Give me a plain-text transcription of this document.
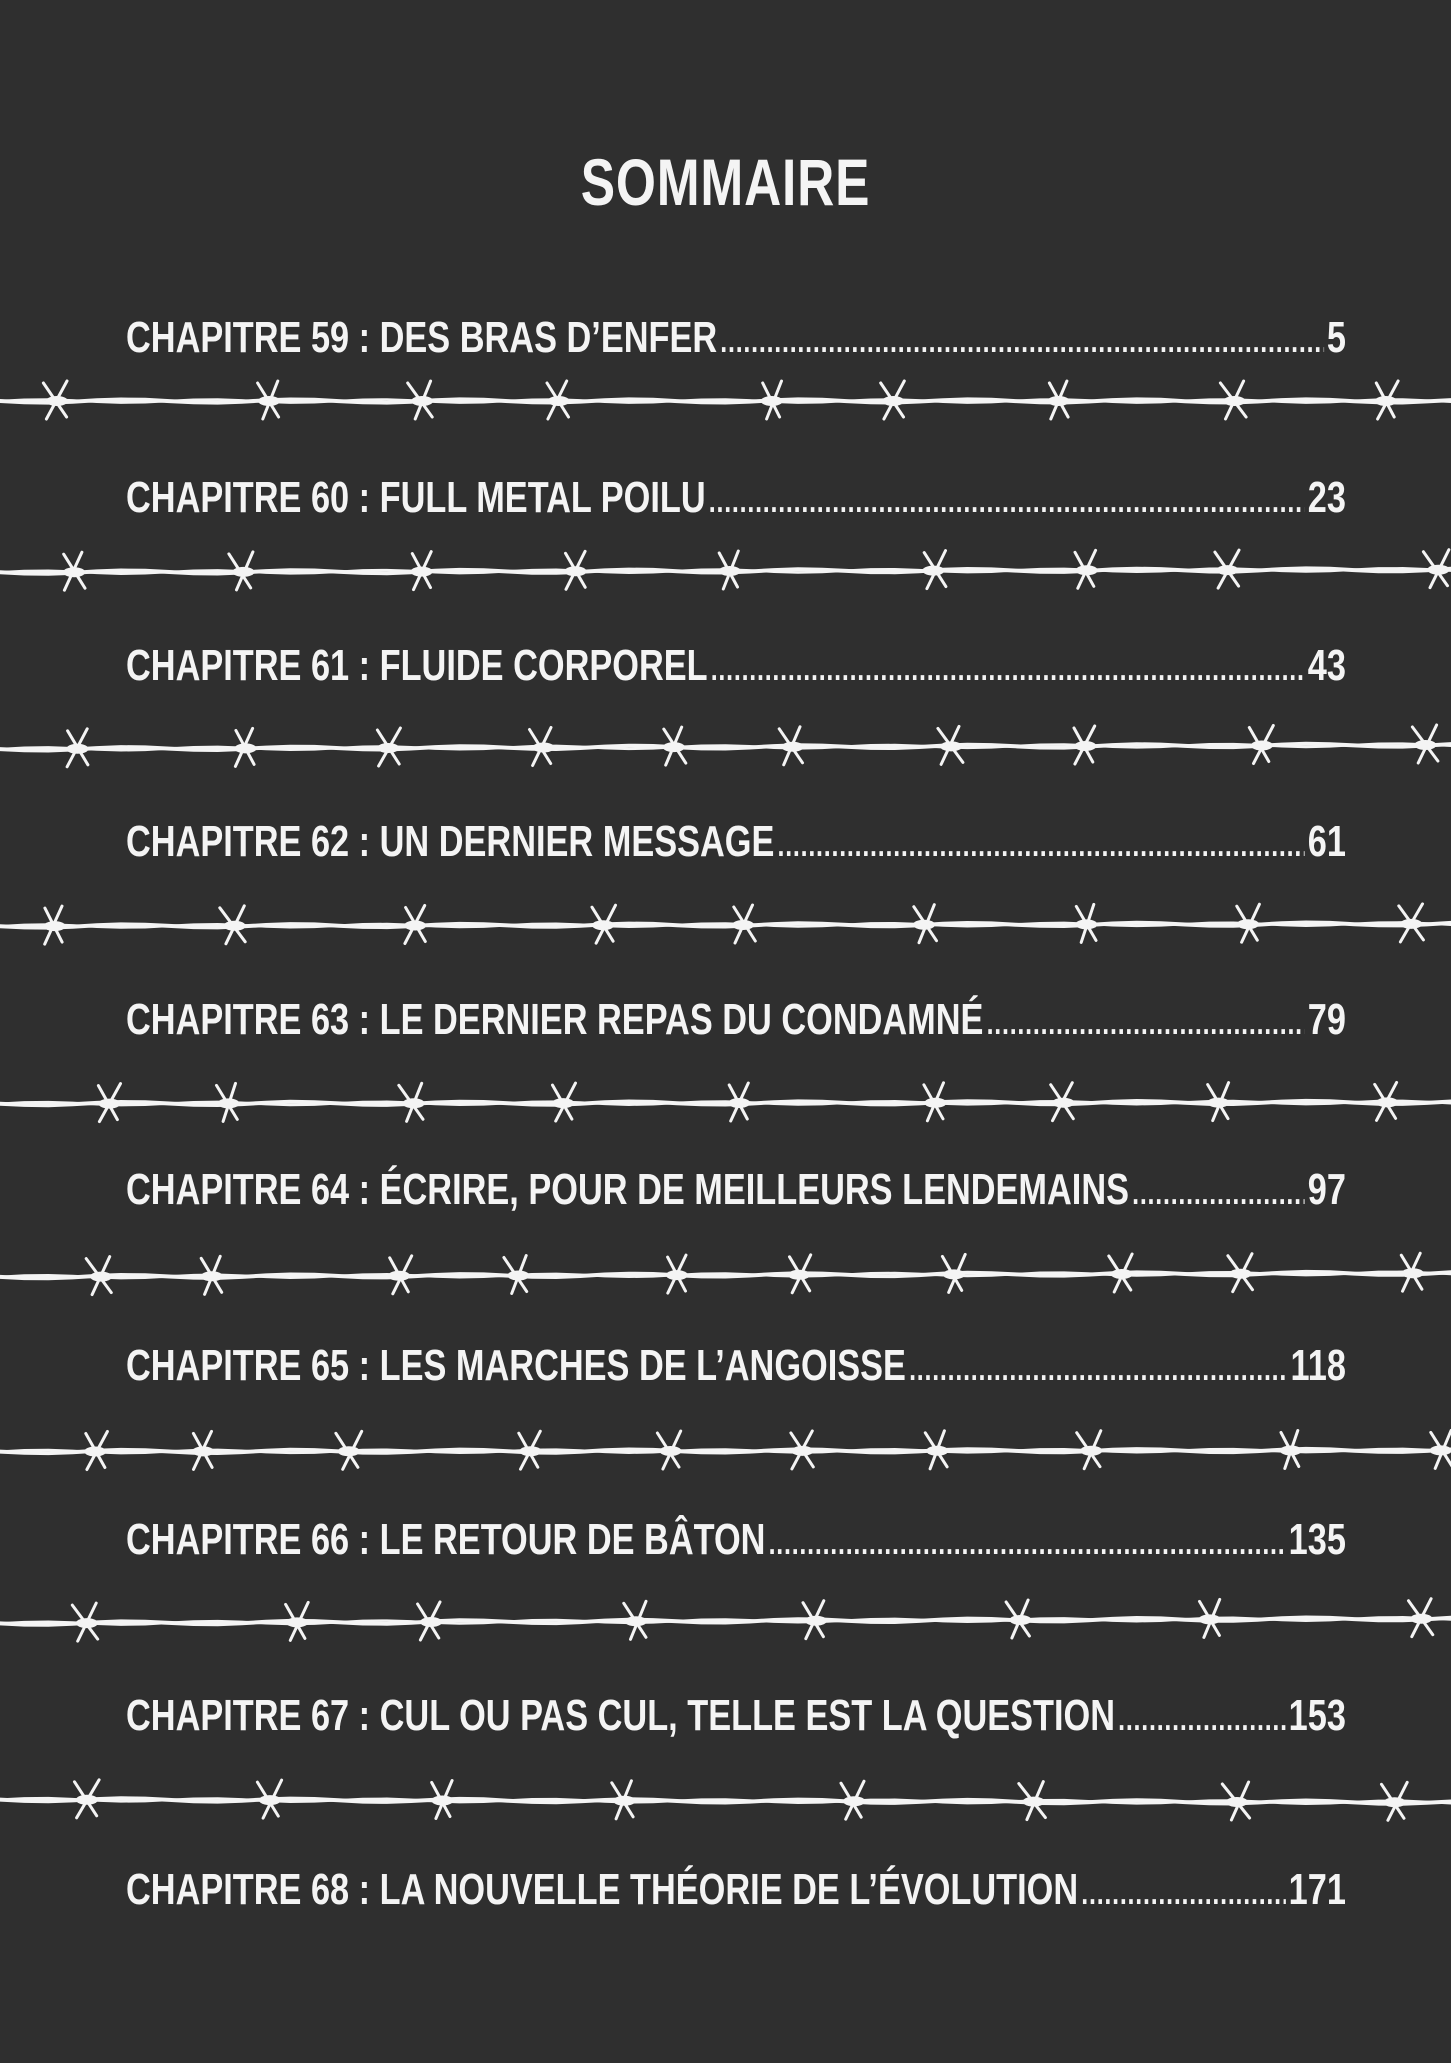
SOMMAIRE
CHAPITRE 59 : DES BRAS D’ENFER .....	5
CHAPITRE 60 : FULL METAL POILU .....	23
CHAPITRE 61 : FLUIDE CORPOREL .....	43
CHAPITRE 62 : UN DERNIER MESSAGE .....	61
CHAPITRE 63 : LE DERNIER REPAS DU CONDAMNÉ .....	79
CHAPITRE 64 : ÉCRIRE, POUR DE MEILLEURS LENDEMAINS .....	97
CHAPITRE 65 : LES MARCHES DE L’ANGOISSE .....	118
CHAPITRE 66 : LE RETOUR DE BÂTON .....	135
CHAPITRE 67 : CUL OU PAS CUL, TELLE EST LA QUESTION .....	153
CHAPITRE 68 : LA NOUVELLE THÉORIE DE L’ÉVOLUTION .....	171
